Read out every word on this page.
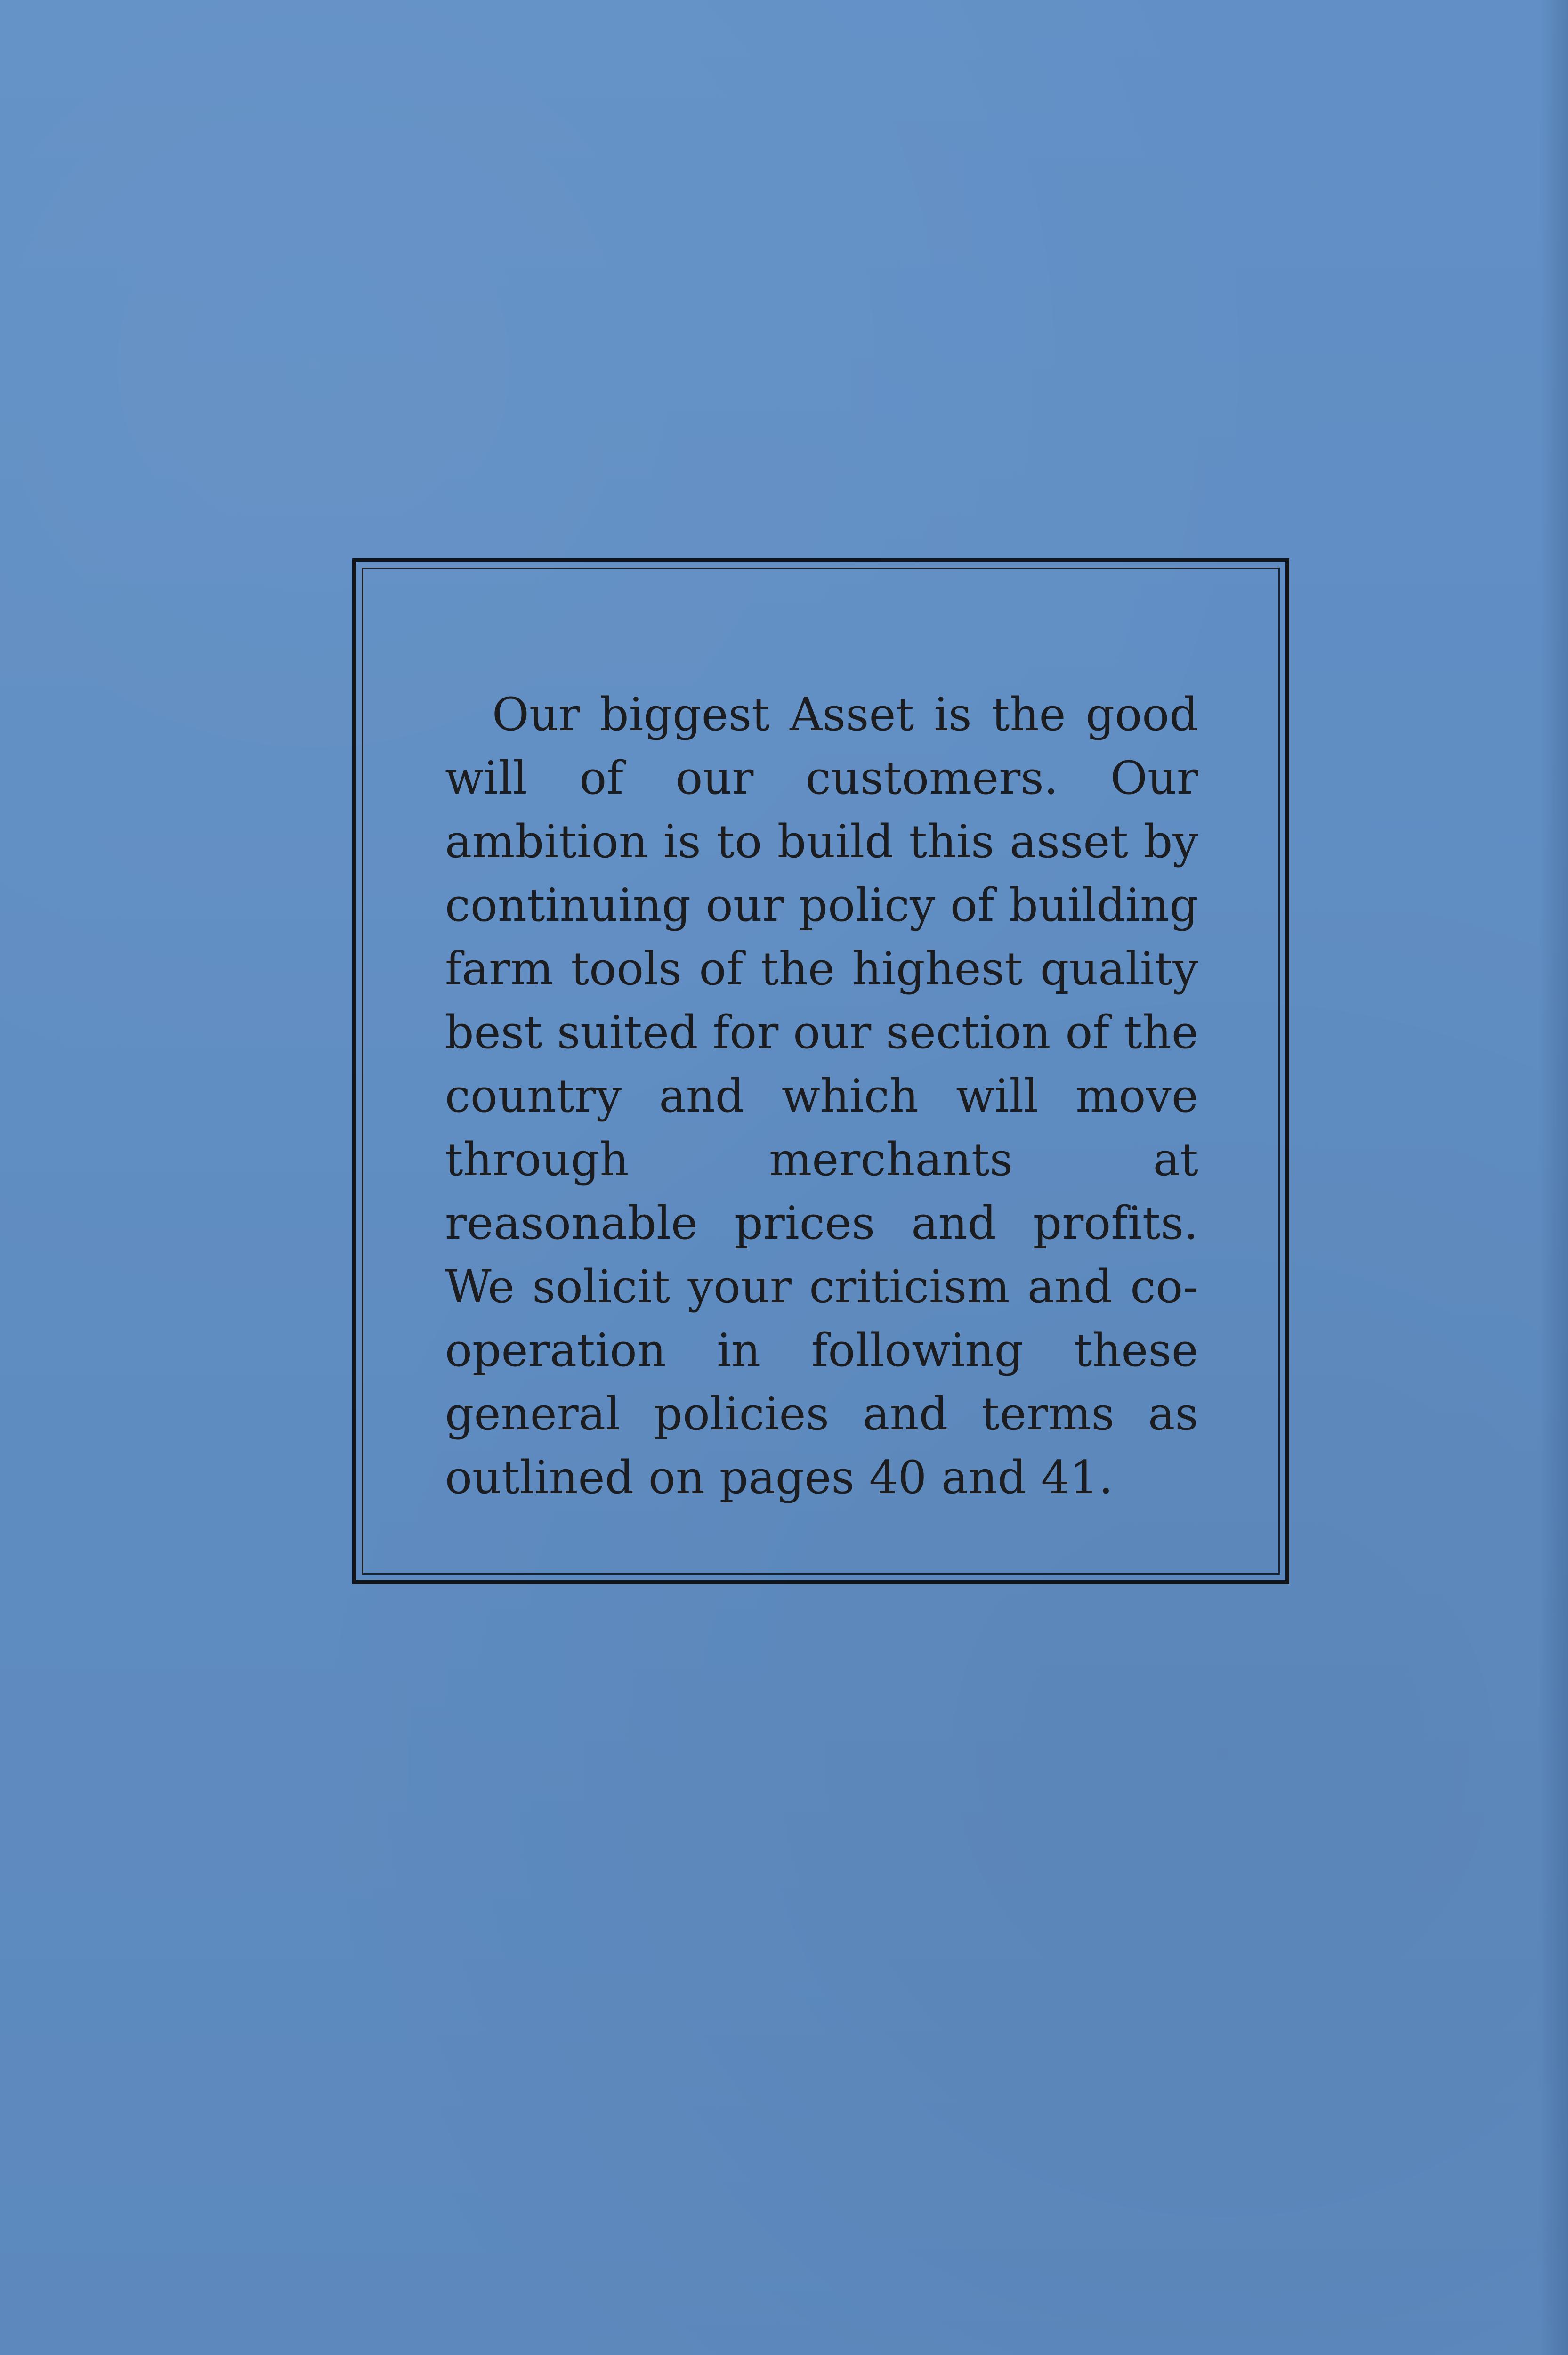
Our biggest Asset is the good will of our customers. Our ambition is to build this asset by continuing our policy of building farm tools of the highest quality best suited for our section of the country and which will move through merchants at reasonable prices and profits. We solicit your criticism and co-operation in following these general policies and terms as outlined on pages 40 and 41.
